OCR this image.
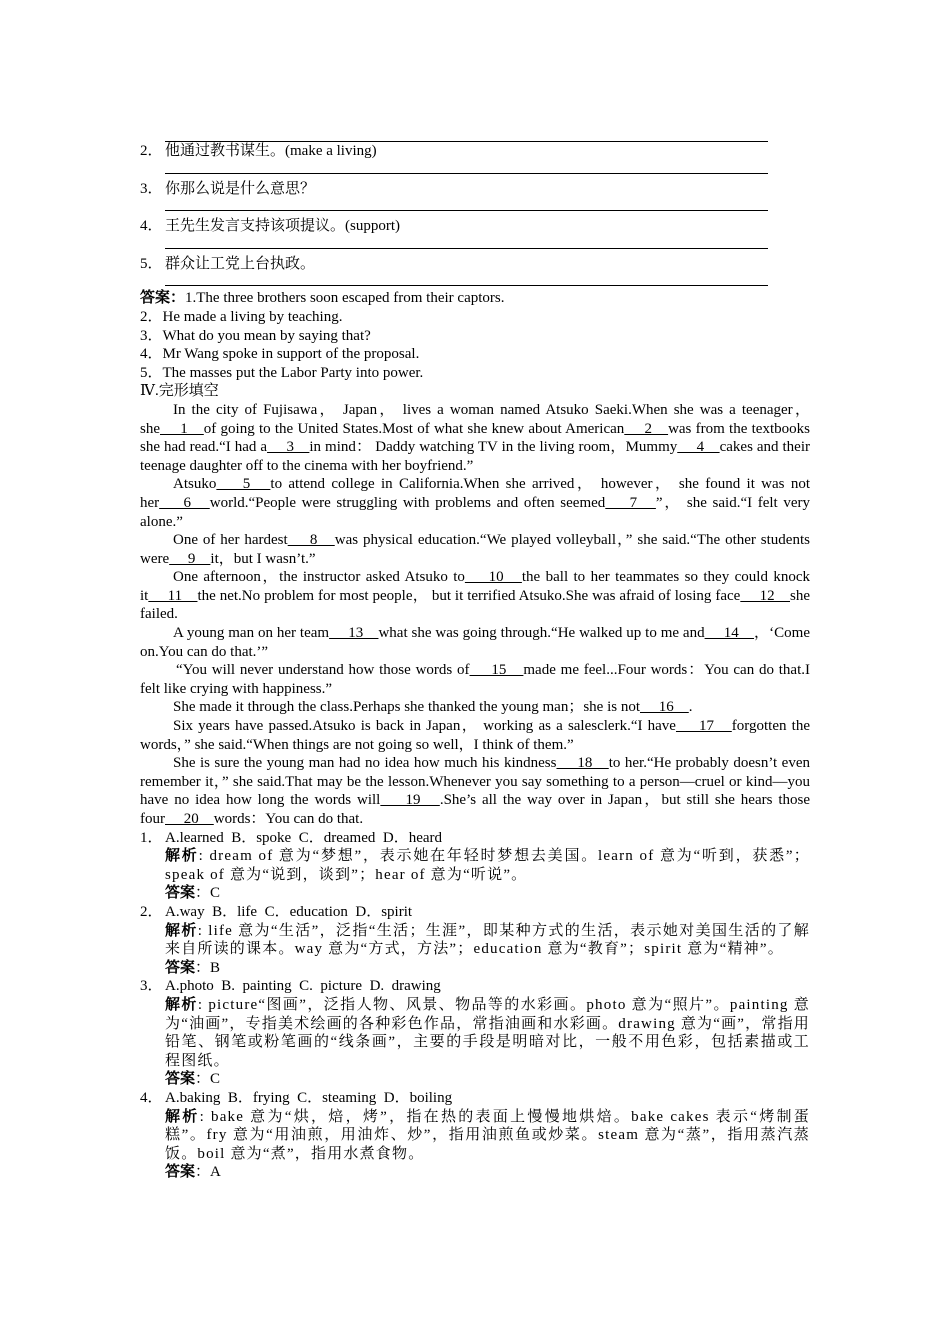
2． 他通过教书谋生。(make a living)
3． 你那么说是什么意思？
4． 王先生发言支持该项提议。(support)
5． 群众让工党上台执政。
答案：1.The three brothers soon escaped from their captors.
2．He made a living by teaching.
3．What do you mean by saying that?
4．Mr Wang spoke in support of the proposal.
5．The masses put the Labor Party into power.
Ⅳ.完形填空
In the city of Fujisawa， Japan， lives a woman named Atsuko Saeki.When she was a teenager，she　 1　of going to the United States.Most of what she knew about American　 2　was from the textbooks she had read.“I had a　 3　in mind： Daddy watching TV in the living room，Mummy　 4　cakes and their teenage daughter off to the cinema with her boyfriend.”
Atsuko　 5　to attend college in California.When she arrived， however， she found it was not her　 6　world.“People were struggling with problems and often seemed　 7　”， she said.“I felt very alone.”
One of her hardest　 8　was physical education.“We played volleyball，” she said.“The other students were　 9　it，but I wasn’t.”
One afternoon，the instructor asked Atsuko to　 10　the ball to her teammates so they could knock it　 11　the net.No problem for most people， but it terrified Atsuko.She was afraid of losing face　 12　she failed.
A young man on her team　 13　what she was going through.“He walked up to me and　 14　，‘Come on.You can do that.’”
“You will never understand how those words of　 15　made me feel...Four words：You can do that.I felt like crying with happiness.”
She made it through the class.Perhaps she thanked the young man；she is not　 16　.
Six years have passed.Atsuko is back in Japan， working as a salesclerk.“I have　 17　forgotten the words，” she said.“When things are not going so well，I think of them.”
She is sure the young man had no idea how much his kindness　 18　to her.“He probably doesn’t even remember it，” she said.That may be the lesson.Whenever you say something to a person—cruel or kind—you have no idea how long the words will　 19　.She’s all the way over in Japan，but still she hears those four　 20　words：You can do that.
1． A.learned  B．spoke  C．dreamed  D．heard
解析: dream of 意为“梦想”，表示她在年轻时梦想去美国。learn of 意为“听到，获悉”；speak of 意为“说到，谈到”；hear of 意为“听说”。
答案：C
2． A.way  B．life  C．education  D．spirit
解析: life 意为“生活”，泛指“生活；生涯”，即某种方式的生活，表示她对美国生活的了解来自所读的课本。way 意为“方式，方法”；education 意为“教育”；spirit 意为“精神”。
答案：B
3． A.photo  B.  painting  C.  picture  D.  drawing
解析: picture“图画”，泛指人物、风景、物品等的水彩画。photo 意为“照片”。painting 意为“油画”，专指美术绘画的各种彩色作品，常指油画和水彩画。drawing 意为“画”，常指用铅笔、钢笔或粉笔画的“线条画”，主要的手段是明暗对比，一般不用色彩，包括素描或工程图纸。
答案：C
4． A.baking  B．frying  C．steaming  D．boiling
解析: bake 意为“烘，焙，烤”，指在热的表面上慢慢地烘焙。bake cakes 表示“烤制蛋糕”。fry 意为“用油煎，用油炸、炒”，指用油煎鱼或炒菜。steam 意为“蒸”，指用蒸汽蒸饭。boil 意为“煮”，指用水煮食物。
答案：A
